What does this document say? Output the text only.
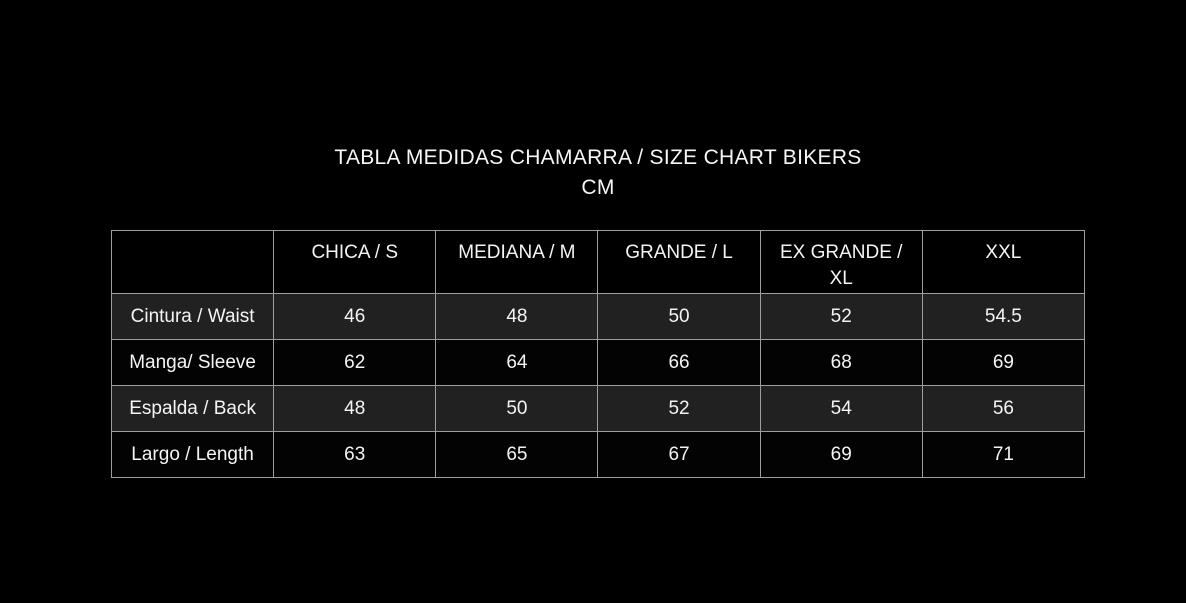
TABLA MEDIDAS CHAMARRA / SIZE CHART BIKERS
CM
	CHICA / S	MEDIANA / M	GRANDE / L	EX GRANDE / XL	XXL
Cintura / Waist	46	48	50	52	54.5
Manga/ Sleeve	62	64	66	68	69
Espalda / Back	48	50	52	54	56
Largo / Length	63	65	67	69	71
